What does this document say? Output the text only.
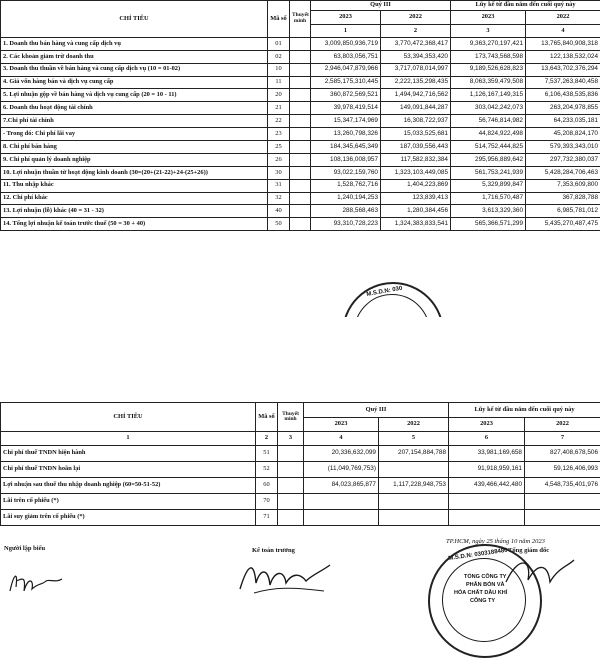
CHỈ TIÊU	Mã số	Thuyết minh	Quý III		Lũy kế từ đầu năm đến cuối quý này		
			2023	2022	2023	2022	
			1	2	3	4			
1. Doanh thu bán hàng và cung cấp dịch vụ	01		3,009,850,936,719	3,770,472,368,417	9,363,270,197,421	13,765,840,908,318	
2. Các khoản giảm trừ doanh thu	02		63,803,056,751	53,394,353,420	173,743,568,598	122,138,532,024	
3. Doanh thu thuần về bán hàng và cung cấp dịch vụ (10 = 01-02)	10		2,946,047,879,966	3,717,078,014,997	9,189,526,628,823	13,643,702,376,294	
4. Giá vốn hàng bán và dịch vụ cung cấp	11		2,585,175,310,445	2,222,135,298,435	8,063,359,479,508	7,537,263,840,458	
5. Lợi nhuận gộp về bán hàng và dịch vụ cung cấp (20 = 10 - 11)	20		360,872,569,521	1,494,942,716,562	1,126,167,149,315	6,106,438,535,836	
6. Doanh thu hoạt động tài chính	21		39,978,419,514	149,091,844,287	303,042,242,073	263,204,978,855	
7.Chi phí tài chính	22		15,347,174,969	16,308,722,937	56,746,814,982	64,233,035,181	
- Trong đó: Chi phí lãi vay	23		13,260,798,326	15,033,525,681	44,824,922,498	45,208,824,170	
8. Chi phí bán hàng	25		184,345,645,349	187,039,556,443	514,752,444,825	579,393,343,010	
9. Chi phí quản lý doanh nghiệp	26		108,136,008,957	117,582,832,384	295,956,889,642	297,732,380,037	
10. Lợi nhuận thuần từ hoạt động kinh doanh (30=(20+(21-22)+24-(25+26))	30		93,022,159,760	1,323,103,449,085	561,753,241,939	5,428,284,706,463	
11. Thu nhập khác	31		1,528,762,716	1,404,223,869	5,329,899,847	7,353,609,800	
12. Chi phí khác	32		1,240,194,253	123,839,413	1,716,570,487	367,828,788	
13. Lợi nhuận (lỗ) khác (40 = 31 - 32)	40		288,568,463	1,280,384,456	3,613,329,360	6,985,781,012	
14. Tổng lợi nhuận kế toán trước thuế (50 = 30 + 40)	50		93,310,728,223	1,324,383,833,541	565,366,571,299	5,435,270,487,475	
M.S.D.N: 030
CHỈ TIÊU	Mã số	Thuyết minh	Quý III		Lũy kế từ đầu năm đến cuối quý này	
			2023	2022	2023	2022
1	2	3	4	5	6	7
Chi phí thuế TNDN hiện hành	51		20,336,632,099	207,154,884,788	33,981,169,658	827,408,678,506
Chi phí thuế TNDN hoãn lại	52		(11,049,769,753)		91,918,959,161	59,126,406,993
Lợi nhuận sau thuế thu nhập doanh nghiệp (60=50-51-52)	60		84,023,865,877	1,117,228,948,753	439,466,442,480	4,548,735,401,976
Lãi trên cổ phiếu (*)	70					
Lãi suy giảm trên cổ phiếu (*)	71					
Người lập biểu	Kế toán trưởng
TP.HCM, ngày 25 tháng 10 năm 2023
Tổng giám đốc
M.S.D.N: 0303188480
TỔNG CÔNG TY
PHÂN BÓN VÀ
HÓA CHẤT DẦU KHÍ
CÔNG TY
